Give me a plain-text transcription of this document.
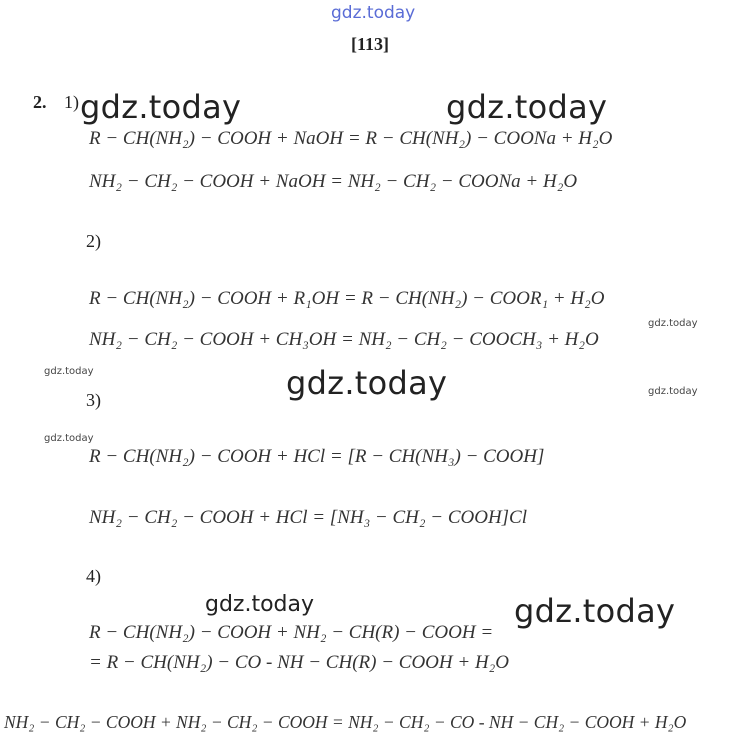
gdz.today
[113]
2. 1)
R − CH(NH₂) − COOH + NaOH = R − CH(NH₂) − COONa + H₂O
NH₂ − CH₂ − COOH + NaOH = NH₂ − CH₂ − COONa + H₂O
2)
R − CH(NH₂) − COOH + R₁OH = R − CH(NH₂) − COOR₁ + H₂O
NH₂ − CH₂ − COOH + CH₃OH = NH₂ − CH₂ − COOCH₃ + H₂O
3)
R − CH(NH₂) − COOH + HCl = [R − CH(NH₃) − COOH]
NH₂ − CH₂ − COOH + HCl = [NH₃ − CH₂ − COOH]Cl
4)
R − CH(NH₂) − COOH + NH₂ − CH(R) − COOH =
= R − CH(NH₂) − CO - NH − CH(R) − COOH + H₂O
NH₂ − CH₂ − COOH + NH₂ − CH₂ − COOH = NH₂ − CH₂ − CO - NH − CH₂ − COOH + H₂O
gdz.today	gdz.today
gdz.today
gdz.today
gdz.today
gdz.today
gdz.today
gdz.today
gdz.today
